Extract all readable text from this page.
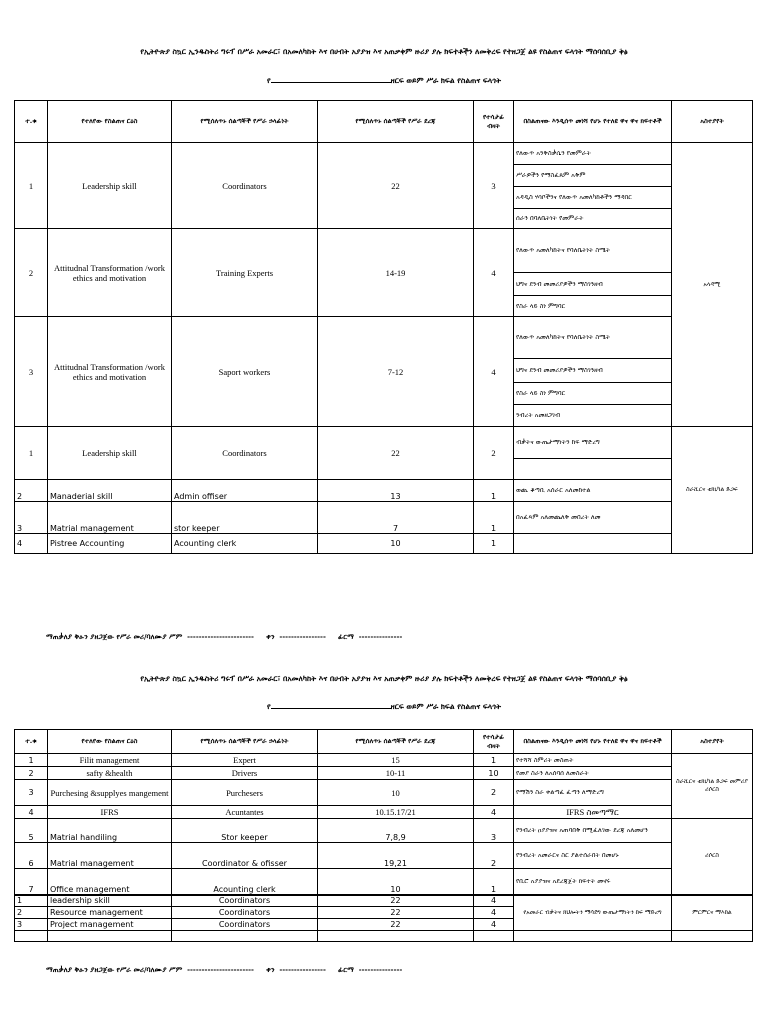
የኢትዮጵያ ስኳር ኢንዱስትሪ ግሩፕ በሥራ አመራር፣ በአመለካከት እና በሀብት አያያዝ እና አጠቃቀም ዙሪያ ያሉ ክፍተቶችን ለመቅረፍ የተዘጋጀ ልዩ የስልጠና ፍላጎት ማሰባሰቢያ ቅፅ
የ	ዘርፍ ወይም ሥራ ክፍል የስልጠና ፍላጎት
ተ.ቁ	የተለየው የስልጠና ርዕስ	የሚሰለጥኑ ሰልጣኞች የሥራ ኃላፊነት	የሚሰለጥኑ ሰልጣኞች የሥራ ደረጃ	የተሳታፊ ብዛት	በስልጠናው እንዲሰጥ መነሻ የሆኑ የተለዩ ዋና ዋና ክፍተቶች	አስተያየት
1	Leadership skill	Coordinators	22	3	የለውጥ አንቅስቃሴን የመምራት	አላዳሚ
					ሥራዎችን የማስፈጸም አቅም	
					አዳዲስ ሃሳቦችንና የለውጥ አመለካከቶችን ማዳበር	
					ሰራን በባለቤትነት የመምራት	
2	Attitudnal Transformation /work ethics and motivation	Training Experts	14-19	4	የለውጥ አመለካከትና የባለቤትነት ስሜት	
					ህግና ደንብ መመሪያዎችን ማስገንዘብ	
					የስራ ላይ ስነ ምግባር	
3	Attitudnal Transformation /work ethics and motivation	Saport workers	7-12	4	የለውጥ አመለካከትና የባለቤትነት ስሜት	
					ህግና ደንብ መመሪያዎችን ማስገንዘብ	
					የስራ ላይ ስነ ምግባር	
					ንብረት አመዘጋገብ	
1	Leadership skill	Coordinators	22	2	ብቃትና ውጤታማነትን ከፍ ማድረግ	ስራሺርና ቴክኒካል ድጋፍ

2	Manaderial skill	Admin offiser	13	1	ወጪ ቆጣቢ አሰራር አለመከተል	
3	Matrial management	stor keeper	7	1	በአፈጻም አለመጨለቅ መበረት ለመ	
4	Pistree Accounting	Acounting clerk	10	1		
ማጠቃለያ ቅፁን ያዘጋጀው የሥራ መሪ/ባለሙያ ሥም  -----------------------     ቀን  ----------------     ፊርማ  ---------------
የኢትዮጵያ ስኳር ኢንዱስትሪ ግሩፕ በሥራ አመራር፣ በአመለካከት እና በሀብት አያያዝ እና አጠቃቀም ዙሪያ ያሉ ክፍተቶችን ለመቅረፍ የተዘጋጀ ልዩ የስልጠና ፍላጎት ማሰባሰቢያ ቅፅ
የ	ዘርፍ ወይም ሥራ ክፍል የስልጠና ፍላጎት
ተ.ቁ	የተለየው የስልጠና ርዕስ	የሚሰለጥኑ ሰልጣኞች የሥራ ኃላፊነት	የሚሰለጥኑ ሰልጣኞች የሥራ ደረጃ	የተሳታፊ ብዛት	በስልጠናው እንዲሰጥ መነሻ የሆኑ የተለዩ ዋና ዋና ክፍተቶች	አስተያየት
1	Filit management	Expert	15	1	የተሻሻ ስምሪት መስጠት	ስራሺርና ቴክኒካል ድጋፍ መምሪያ ሪሶርስ
2	safty &health	Drivers	10-11	10	የመያ ስራን ለአሰባሰ ለመስራት	
3	Purchesing &supplyes mangement	Purchesers	10	2	የማሽን ስራ ቀልጣፈ ፈጣን ለማድረግ	
4	IFRS	Acuntantes	10.15.17/21	4	IFRS ስመጣማር	
5	Matrial handiling	Stor keeper	7,8,9	3	የንብረት ዐያያዝና አጠባበቅ በሚፈለገው ደረጃ አለመሆን	ሪሶርስ
6	Matrial management	Coordinator & ofisser	19,21	2	የንብረት አመራርና ስር ያልተሰራበት በመሆኑ	
7	Office management	Acounting clerk	10	1	የቢሮ አያያዝና አደረጃጀት ክፍተት መኖሩ	
1	leadership skill	Coordinators	22	4	የአመራር ብቃትና ክህሎትን ማሳደግ ውጤታማነትን ከፍ ማድረግ	ምርምርና ማእከል
2	Resource management	Coordinators	22	4		
3	Project management	Coordinators	22	4		

ማጠቃለያ ቅፁን ያዘጋጀው የሥራ መሪ/ባለሙያ ሥም  -----------------------     ቀን  ----------------     ፊርማ  ---------------
